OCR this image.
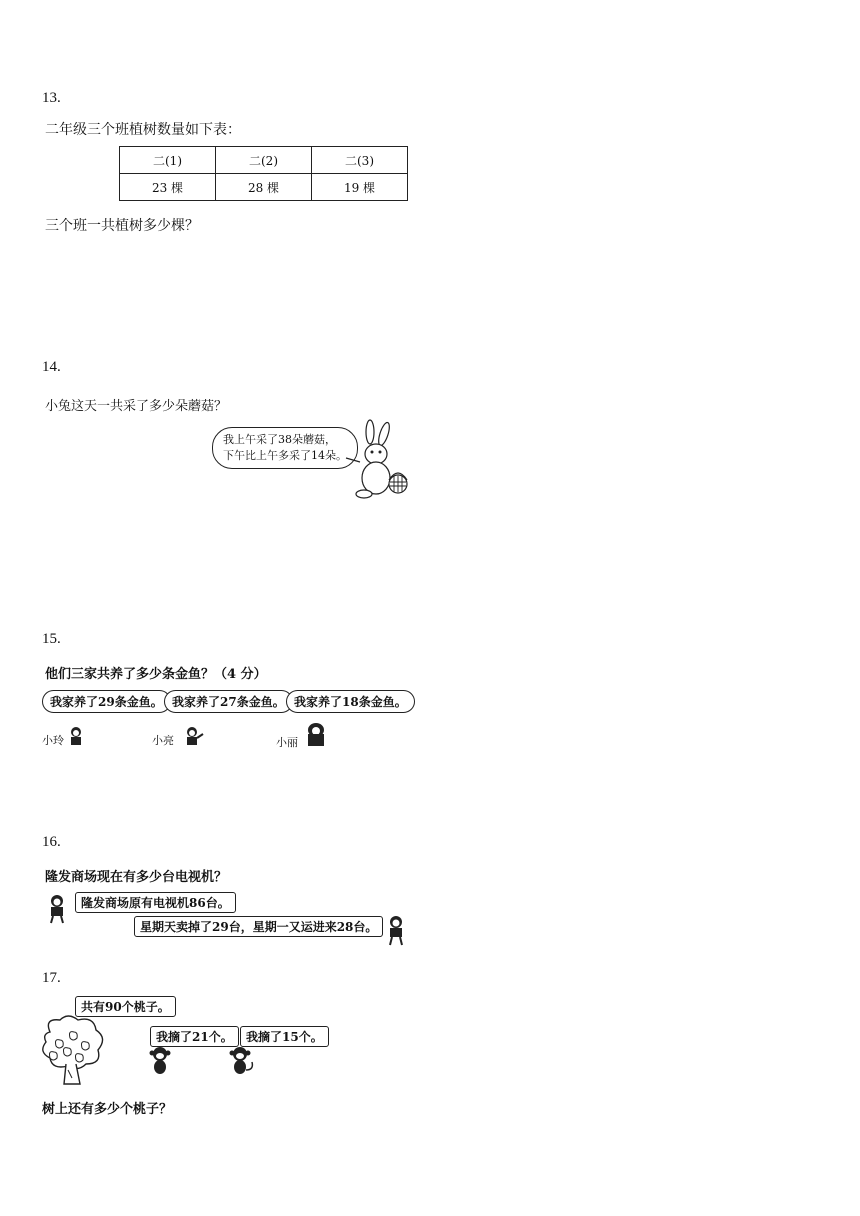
13.
二年级三个班植树数量如下表：
二(1)	二(2)	二(3)
23 棵	28 棵	19 棵
三个班一共植树多少棵？
14.
小兔这天一共采了多少朵蘑菇？
我上午采了38朵蘑菇，
下午比上午多采了14朵。
15.
他们三家共养了多少条金鱼？（4 分）
我家养了29条金鱼。 我家养了27条金鱼。 我家养了18条金鱼。
小玲	小亮	小丽
16.
隆发商场现在有多少台电视机？
隆发商场原有电视机86台。
星期天卖掉了29台，星期一又运进来28台。
17.
共有90个桃子。
我摘了21个。	我摘了15个。
树上还有多少个桃子？
